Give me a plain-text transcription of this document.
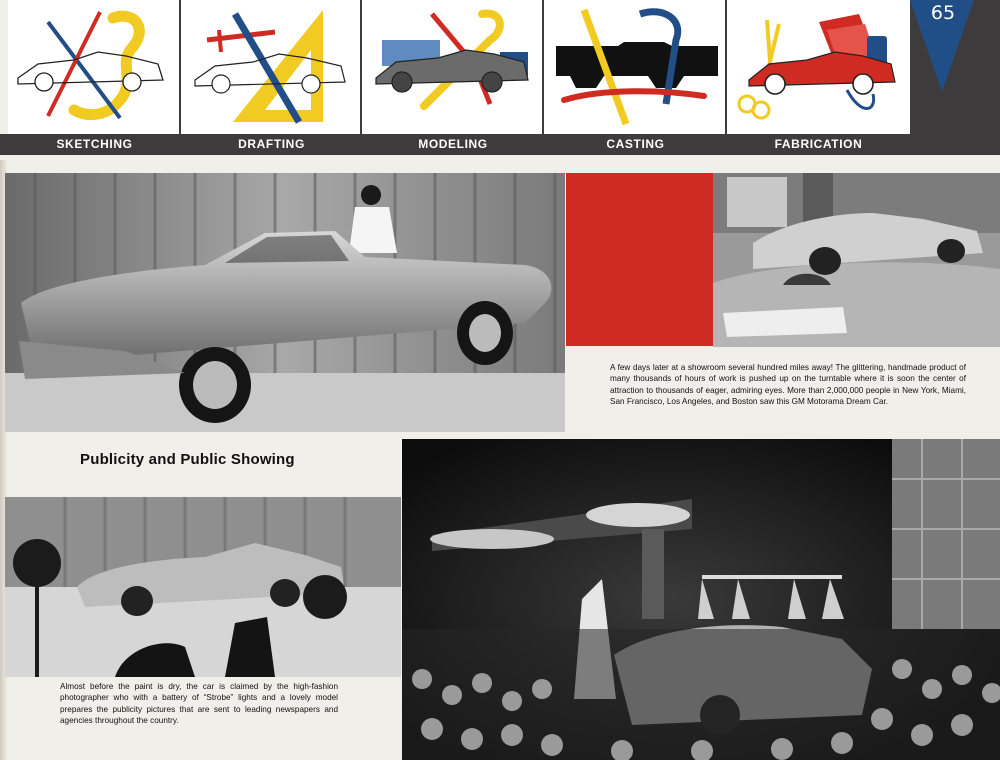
SKETCHING	DRAFTING	MODELING	CASTING	FABRICATION
65
A few days later at a showroom several hundred miles away! The glittering, handmade product of many thousands of hours of work is pushed up on the turntable where it is soon the center of attraction to thousands of eager, admiring eyes. More than 2,000,000 people in New York, Miami, San Francisco, Los Angeles, and Boston saw this GM Motorama Dream Car.
Publicity and Public Showing
Almost before the paint is dry, the car is claimed by the high-fashion photographer who with a battery of “Strobe” lights and a lovely model prepares the publicity pictures that are sent to leading newspapers and agencies throughout the country.
